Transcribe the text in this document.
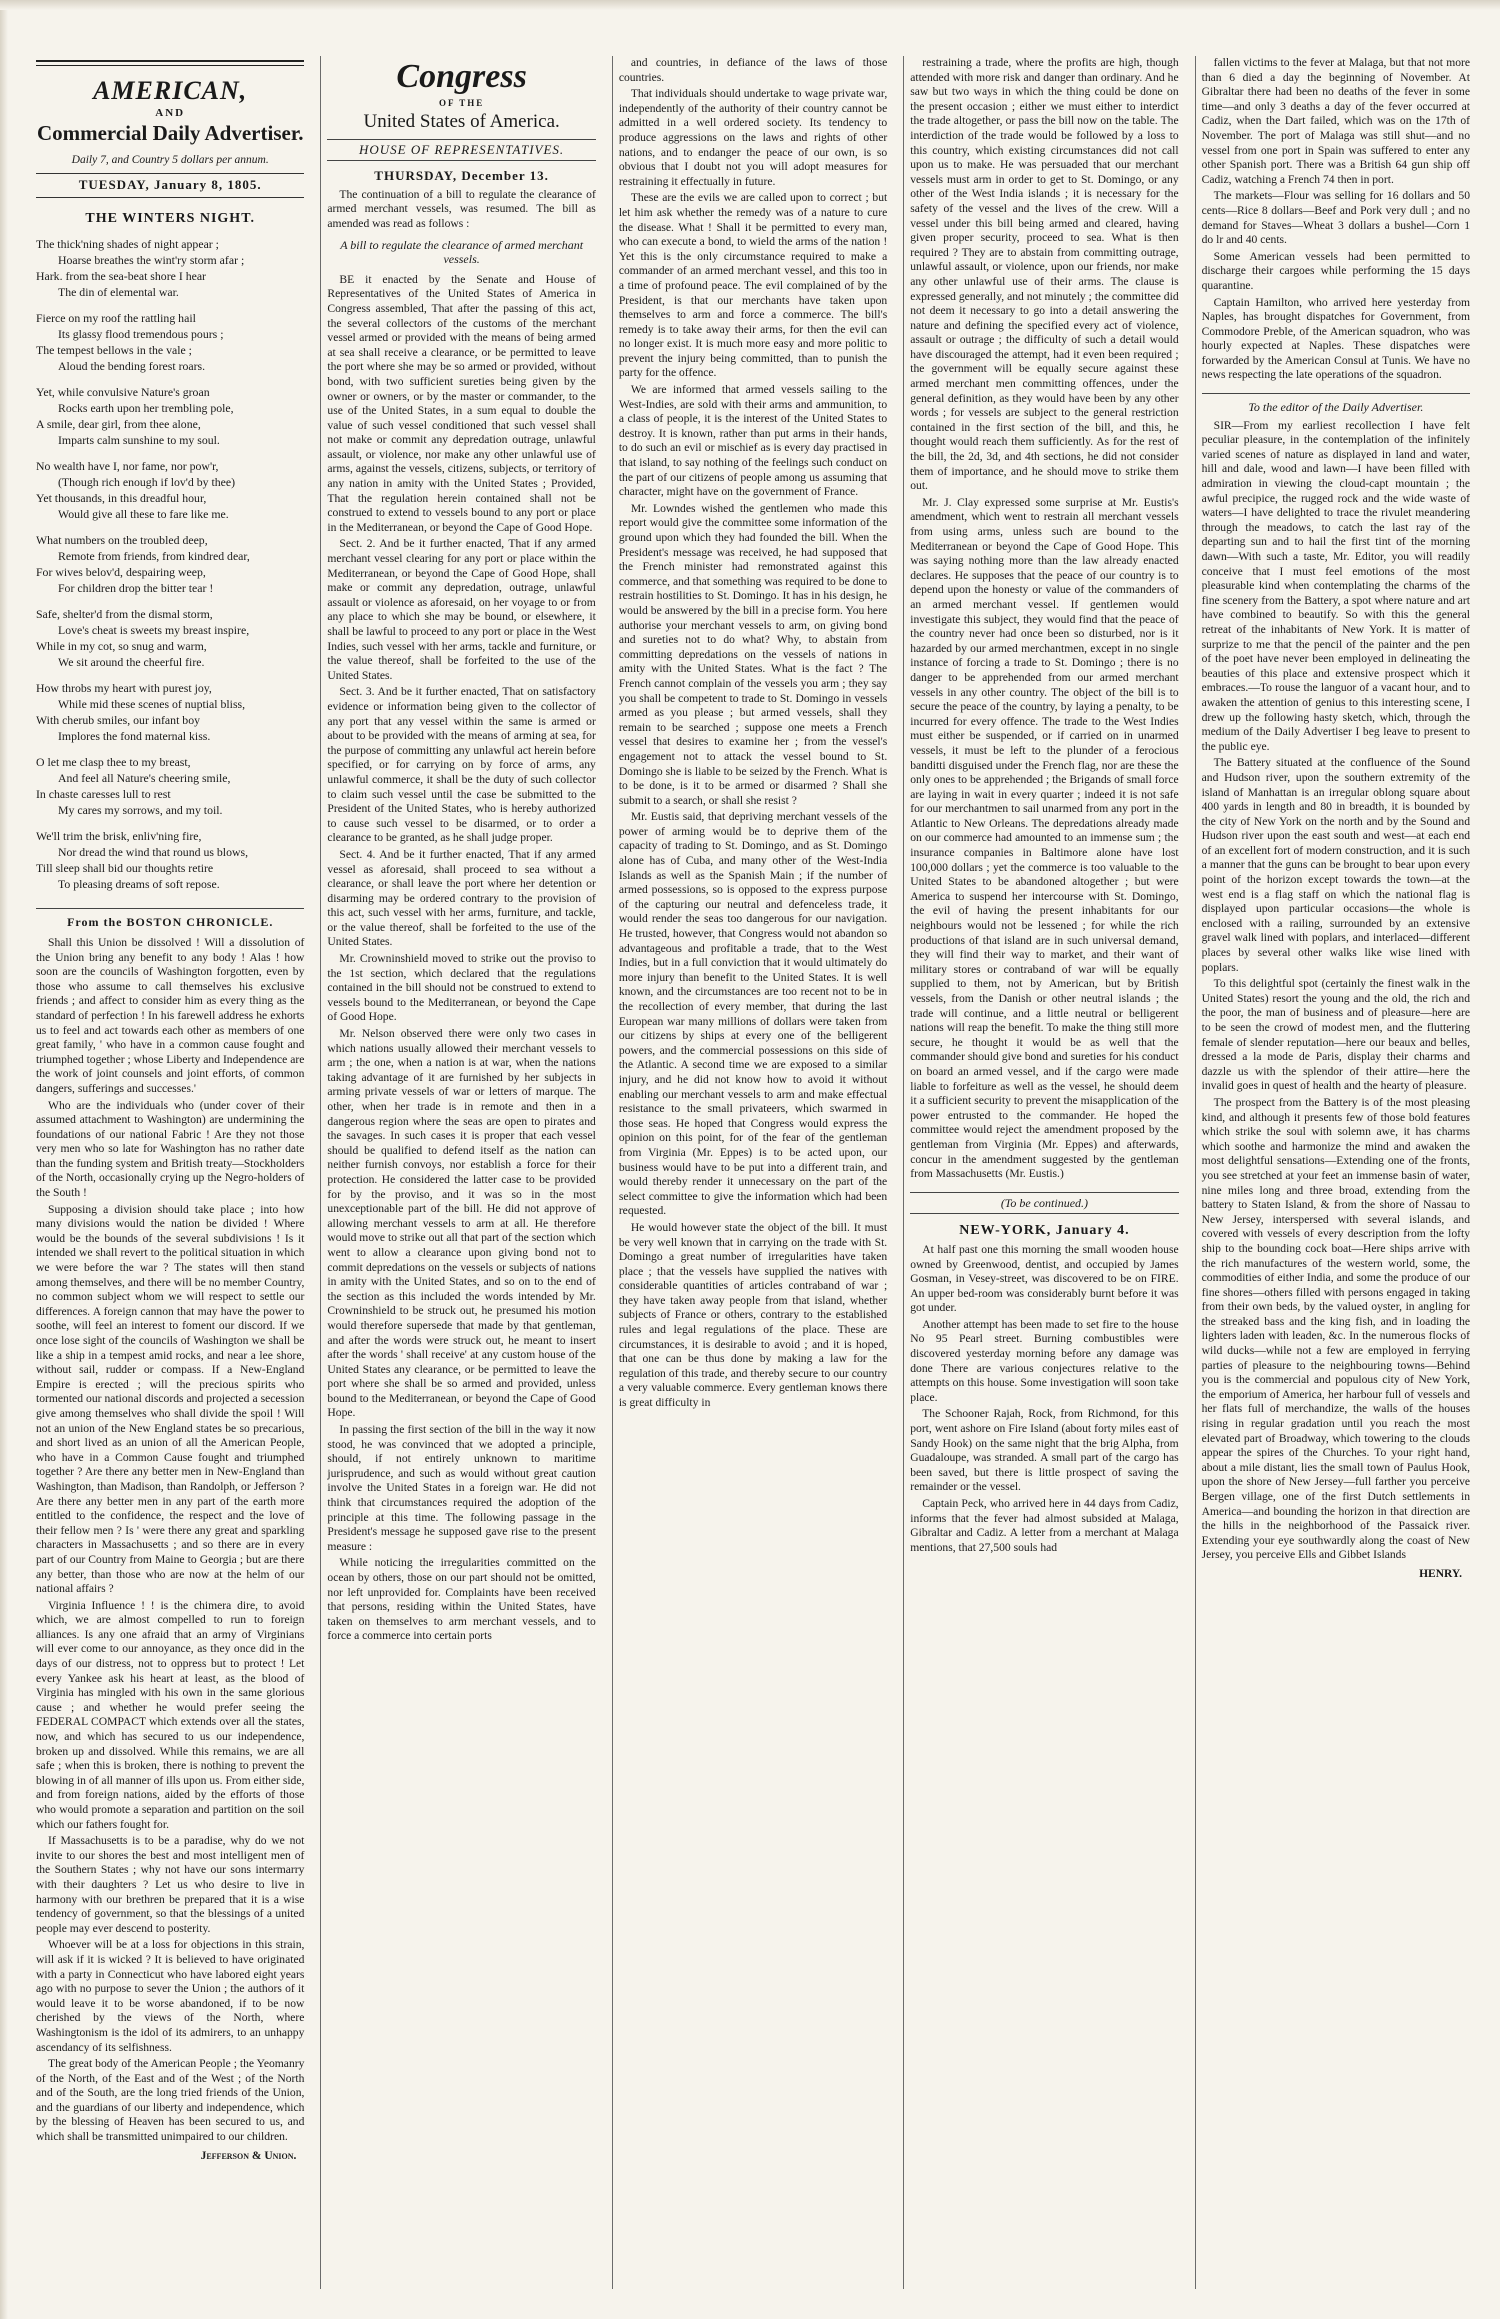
AMERICAN,
AND
Commercial Daily Advertiser.
Daily 7, and Country 5 dollars per annum.
TUESDAY, January 8, 1805.
THE WINTERS NIGHT.
The thick'ning shades of night appear ;
Hoarse breathes the wint'ry storm afar ;
Hark. from the sea-beat shore I hear
The din of elemental war.
Fierce on my roof the rattling hail
Its glassy flood tremendous pours ;
The tempest bellows in the vale ;
Aloud the bending forest roars.
Yet, while convulsive Nature's groan
Rocks earth upon her trembling pole,
A smile, dear girl, from thee alone,
Imparts calm sunshine to my soul.
No wealth have I, nor fame, nor pow'r,
(Though rich enough if lov'd by thee)
Yet thousands, in this dreadful hour,
Would give all these to fare like me.
What numbers on the troubled deep,
Remote from friends, from kindred dear,
For wives belov'd, despairing weep,
For children drop the bitter tear !
Safe, shelter'd from the dismal storm,
Love's cheat is sweets my breast inspire,
While in my cot, so snug and warm,
We sit around the cheerful fire.
How throbs my heart with purest joy,
While mid these scenes of nuptial bliss,
With cherub smiles, our infant boy
Implores the fond maternal kiss.
O let me clasp thee to my breast,
And feel all Nature's cheering smile,
In chaste caresses lull to rest
My cares my sorrows, and my toil.
We'll trim the brisk, enliv'ning fire,
Nor dread the wind that round us blows,
Till sleep shall bid our thoughts retire
To pleasing dreams of soft repose.
From the BOSTON CHRONICLE.

Shall this Union be dissolved ! Will a dissolution of the Union bring any benefit to any body ! Alas ! how soon are the councils of Washington forgotten, even by those who assume to call themselves his exclusive friends ; and affect to consider him as every thing as the standard of perfection ! In his farewell address he exhorts us to feel and act towards each other as members of one great family, ' who have in a common cause fought and triumphed together ; whose Liberty and Independence are the work of joint counsels and joint efforts, of common dangers, sufferings and successes.'

Who are the individuals who (under cover of their assumed attachment to Washington) are undermining the foundations of our national Fabric ! Are they not those very men who so late for Washington has no rather date than the funding system and British treaty—Stockholders of the North, occasionally crying up the Negro-holders of the South !

Supposing a division should take place ; into how many divisions would the nation be divided ! Where would be the bounds of the several subdivisions ! Is it intended we shall revert to the political situation in which we were before the war ? The states will then stand among themselves, and there will be no member Country, no common subject whom we will respect to settle our differences. A foreign cannon that may have the power to soothe, will feel an interest to foment our discord. If we once lose sight of the councils of Washington we shall be like a ship in a tempest amid rocks, and near a lee shore, without sail, rudder or compass. If a New-England Empire is erected ; will the precious spirits who tormented our national discords and projected a secession give among themselves who shall divide the spoil ! Will not an union of the New England states be so precarious, and short lived as an union of all the American People, who have in a Common Cause fought and triumphed together ? Are there any better men in New-England than Washington, than Madison, than Randolph, or Jefferson ? Are there any better men in any part of the earth more entitled to the confidence, the respect and the love of their fellow men ? Is ' were there any great and sparkling characters in Massachusetts ; and so there are in every part of our Country from Maine to Georgia ; but are there any better, than those who are now at the helm of our national affairs ?

Virginia Influence ! ! is the chimera dire, to avoid which, we are almost compelled to run to foreign alliances. Is any one afraid that an army of Virginians will ever come to our annoyance, as they once did in the days of our distress, not to oppress but to protect ! Let every Yankee ask his heart at least, as the blood of Virginia has mingled with his own in the same glorious cause ; and whether he would prefer seeing the FEDERAL COMPACT which extends over all the states, now, and which has secured to us our independence, broken up and dissolved. While this remains, we are all safe ; when this is broken, there is nothing to prevent the blowing in of all manner of ills upon us. From either side, and from foreign nations, aided by the efforts of those who would promote a separation and partition on the soil which our fathers fought for.

If Massachusetts is to be a paradise, why do we not invite to our shores the best and most intelligent men of the Southern States ; why not have our sons intermarry with their daughters ? Let us who desire to live in harmony with our brethren be prepared that it is a wise tendency of government, so that the blessings of a united people may ever descend to posterity.

Whoever will be at a loss for objections in this strain, will ask if it is wicked ? It is believed to have originated with a party in Connecticut who have labored eight years ago with no purpose to sever the Union ; the authors of it would leave it to be worse abandoned, if to be now cherished by the views of the North, where Washingtonism is the idol of its admirers, to an unhappy ascendancy of its selfishness.

The great body of the American People ; the Yeomanry of the North, of the East and of the West ; of the North and of the South, are the long tried friends of the Union, and the guardians of our liberty and independence, which by the blessing of Heaven has been secured to us, and which shall be transmitted unimpaired to our children.

Jefferson & Union.
Congress
OF THE
United States of America.
HOUSE OF REPRESENTATIVES.
THURSDAY, December 13.

The continuation of a bill to regulate the clearance of armed merchant vessels, was resumed. The bill as amended was read as follows :

A bill to regulate the clearance of armed merchant vessels.

BE it enacted by the Senate and House of Representatives of the United States of America in Congress assembled, That after the passing of this act, the several collectors of the customs of the merchant vessel armed or provided with the means of being armed at sea shall receive a clearance, or be permitted to leave the port where she may be so armed or provided, without bond, with two sufficient sureties being given by the owner or owners, or by the master or commander, to the use of the United States, in a sum equal to double the value of such vessel conditioned that such vessel shall not make or commit any depredation outrage, unlawful assault, or violence, nor make any other unlawful use of arms, against the vessels, citizens, subjects, or territory of any nation in amity with the United States ; Provided, That the regulation herein contained shall not be construed to extend to vessels bound to any port or place in the Mediterranean, or beyond the Cape of Good Hope.

Sect. 2. And be it further enacted, That if any armed merchant vessel clearing for any port or place within the Mediterranean, or beyond the Cape of Good Hope, shall make or commit any depredation, outrage, unlawful assault or violence as aforesaid, on her voyage to or from any place to which she may be bound, or elsewhere, it shall be lawful to proceed to any port or place in the West Indies, such vessel with her arms, tackle and furniture, or the value thereof, shall be forfeited to the use of the United States.

Sect. 3. And be it further enacted, That on satisfactory evidence or information being given to the collector of any port that any vessel within the same is armed or about to be provided with the means of arming at sea, for the purpose of committing any unlawful act herein before specified, or for carrying on by force of arms, any unlawful commerce, it shall be the duty of such collector to claim such vessel until the case be submitted to the President of the United States, who is hereby authorized to cause such vessel to be disarmed, or to order a clearance to be granted, as he shall judge proper.

Sect. 4. And be it further enacted, That if any armed vessel as aforesaid, shall proceed to sea without a clearance, or shall leave the port where her detention or disarming may be ordered contrary to the provision of this act, such vessel with her arms, furniture, and tackle, or the value thereof, shall be forfeited to the use of the United States.

Mr. Crowninshield moved to strike out the proviso to the 1st section, which declared that the regulations contained in the bill should not be construed to extend to vessels bound to the Mediterranean, or beyond the Cape of Good Hope.

Mr. Nelson observed there were only two cases in which nations usually allowed their merchant vessels to arm ; the one, when a nation is at war, when the nations taking advantage of it are furnished by her subjects in arming private vessels of war or letters of marque. The other, when her trade is in remote and then in a dangerous region where the seas are open to pirates and the savages. In such cases it is proper that each vessel should be qualified to defend itself as the nation can neither furnish convoys, nor establish a force for their protection. He considered the latter case to be provided for by the proviso, and it was so in the most unexceptionable part of the bill. He did not approve of allowing merchant vessels to arm at all. He therefore would move to strike out all that part of the section which went to allow a clearance upon giving bond not to commit depredations on the vessels or subjects of nations in amity with the United States, and so on to the end of the section as this included the words intended by Mr. Crowninshield to be struck out, he presumed his motion would therefore supersede that made by that gentleman, and after the words were struck out, he meant to insert after the words ' shall receive' at any custom house of the United States any clearance, or be permitted to leave the port where she shall be so armed and provided, unless bound to the Mediterranean, or beyond the Cape of Good Hope.

In passing the first section of the bill in the way it now stood, he was convinced that we adopted a principle, should, if not entirely unknown to maritime jurisprudence, and such as would without great caution involve the United States in a foreign war. He did not think that circumstances required the adoption of the principle at this time. The following passage in the President's message he supposed gave rise to the present measure :

While noticing the irregularities committed on the ocean by others, those on our part should not be omitted, nor left unprovided for. Complaints have been received that persons, residing within the United States, have taken on themselves to arm merchant vessels, and to force a commerce into certain ports

and countries, in defiance of the laws of those countries.

That individuals should undertake to wage private war, independently of the authority of their country cannot be admitted in a well ordered society. Its tendency to produce aggressions on the laws and rights of other nations, and to endanger the peace of our own, is so obvious that I doubt not you will adopt measures for restraining it effectually in future.

These are the evils we are called upon to correct ; but let him ask whether the remedy was of a nature to cure the disease. What ! Shall it be permitted to every man, who can execute a bond, to wield the arms of the nation ! Yet this is the only circumstance required to make a commander of an armed merchant vessel, and this too in a time of profound peace. The evil complained of by the President, is that our merchants have taken upon themselves to arm and force a commerce. The bill's remedy is to take away their arms, for then the evil can no longer exist. It is much more easy and more politic to prevent the injury being committed, than to punish the party for the offence.

We are informed that armed vessels sailing to the West-Indies, are sold with their arms and ammunition, to a class of people, it is the interest of the United States to destroy. It is known, rather than put arms in their hands, to do such an evil or mischief as is every day practised in that island, to say nothing of the feelings such conduct on the part of our citizens of people among us assuming that character, might have on the government of France.

Mr. Lowndes wished the gentlemen who made this report would give the committee some information of the ground upon which they had founded the bill. When the President's message was received, he had supposed that the French minister had remonstrated against this commerce, and that something was required to be done to restrain hostilities to St. Domingo. It has in his design, he would be answered by the bill in a precise form. You here authorise your merchant vessels to arm, on giving bond and sureties not to do what? Why, to abstain from committing depredations on the vessels of nations in amity with the United States. What is the fact ? The French cannot complain of the vessels you arm ; they say you shall be competent to trade to St. Domingo in vessels armed as you please ; but armed vessels, shall they remain to be searched ; suppose one meets a French vessel that desires to examine her ; from the vessel's engagement not to attack the vessel bound to St. Domingo she is liable to be seized by the French. What is to be done, is it to be armed or disarmed ? Shall she submit to a search, or shall she resist ?

Mr. Eustis said, that depriving merchant vessels of the power of arming would be to deprive them of the capacity of trading to St. Domingo, and as St. Domingo alone has of Cuba, and many other of the West-India Islands as well as the Spanish Main ; if the number of armed possessions, so is opposed to the express purpose of the capturing our neutral and defenceless trade, it would render the seas too dangerous for our navigation. He trusted, however, that Congress would not abandon so advantageous and profitable a trade, that to the West Indies, but in a full conviction that it would ultimately do more injury than benefit to the United States. It is well known, and the circumstances are too recent not to be in the recollection of every member, that during the last European war many millions of dollars were taken from our citizens by ships at every one of the belligerent powers, and the commercial possessions on this side of the Atlantic. A second time we are exposed to a similar injury, and he did not know how to avoid it without enabling our merchant vessels to arm and make effectual resistance to the small privateers, which swarmed in those seas. He hoped that Congress would express the opinion on this point, for of the fear of the gentleman from Virginia (Mr. Eppes) is to be acted upon, our business would have to be put into a different train, and would thereby render it unnecessary on the part of the select committee to give the information which had been requested.

He would however state the object of the bill. It must be very well known that in carrying on the trade with St. Domingo a great number of irregularities have taken place ; that the vessels have supplied the natives with considerable quantities of articles contraband of war ; they have taken away people from that island, whether subjects of France or others, contrary to the established rules and legal regulations of the place. These are circumstances, it is desirable to avoid ; and it is hoped, that one can be thus done by making a law for the regulation of this trade, and thereby secure to our country a very valuable commerce. Every gentleman knows there is great difficulty in

restraining a trade, where the profits are high, though attended with more risk and danger than ordinary. And he saw but two ways in which the thing could be done on the present occasion ; either we must either to interdict the trade altogether, or pass the bill now on the table. The interdiction of the trade would be followed by a loss to this country, which existing circumstances did not call upon us to make. He was persuaded that our merchant vessels must arm in order to get to St. Domingo, or any other of the West India islands ; it is necessary for the safety of the vessel and the lives of the crew. Will a vessel under this bill being armed and cleared, having given proper security, proceed to sea. What is then required ? They are to abstain from committing outrage, unlawful assault, or violence, upon our friends, nor make any other unlawful use of their arms. The clause is expressed generally, and not minutely ; the committee did not deem it necessary to go into a detail answering the nature and defining the specified every act of violence, assault or outrage ; the difficulty of such a detail would have discouraged the attempt, had it even been required ; the government will be equally secure against these armed merchant men committing offences, under the general definition, as they would have been by any other words ; for vessels are subject to the general restriction contained in the first section of the bill, and this, he thought would reach them sufficiently. As for the rest of the bill, the 2d, 3d, and 4th sections, he did not consider them of importance, and he should move to strike them out.

Mr. J. Clay expressed some surprise at Mr. Eustis's amendment, which went to restrain all merchant vessels from using arms, unless such are bound to the Mediterranean or beyond the Cape of Good Hope. This was saying nothing more than the law already enacted declares. He supposes that the peace of our country is to depend upon the honesty or value of the commanders of an armed merchant vessel. If gentlemen would investigate this subject, they would find that the peace of the country never had once been so disturbed, nor is it hazarded by our armed merchantmen, except in no single instance of forcing a trade to St. Domingo ; there is no danger to be apprehended from our armed merchant vessels in any other country. The object of the bill is to secure the peace of the country, by laying a penalty, to be incurred for every offence. The trade to the West Indies must either be suspended, or if carried on in unarmed vessels, it must be left to the plunder of a ferocious banditti disguised under the French flag, nor are these the only ones to be apprehended ; the Brigands of small force are laying in wait in every quarter ; indeed it is not safe for our merchantmen to sail unarmed from any port in the Atlantic to New Orleans. The depredations already made on our commerce had amounted to an immense sum ; the insurance companies in Baltimore alone have lost 100,000 dollars ; yet the commerce is too valuable to the United States to be abandoned altogether ; but were America to suspend her intercourse with St. Domingo, the evil of having the present inhabitants for our neighbours would not be lessened ; for while the rich productions of that island are in such universal demand, they will find their way to market, and their want of military stores or contraband of war will be equally supplied to them, not by American, but by British vessels, from the Danish or other neutral islands ; the trade will continue, and a little neutral or belligerent nations will reap the benefit. To make the thing still more secure, he thought it would be as well that the commander should give bond and sureties for his conduct on board an armed vessel, and if the cargo were made liable to forfeiture as well as the vessel, he should deem it a sufficient security to prevent the misapplication of the power entrusted to the commander. He hoped the committee would reject the amendment proposed by the gentleman from Virginia (Mr. Eppes) and afterwards, concur in the amendment suggested by the gentleman from Massachusetts (Mr. Eustis.)

(To be continued.)
NEW-YORK, January 4.

At half past one this morning the small wooden house owned by Greenwood, dentist, and occupied by James Gosman, in Vesey-street, was discovered to be on FIRE. An upper bed-room was considerably burnt before it was got under.

Another attempt has been made to set fire to the house No 95 Pearl street. Burning combustibles were discovered yesterday morning before any damage was done There are various conjectures relative to the attempts on this house. Some investigation will soon take place.

The Schooner Rajah, Rock, from Richmond, for this port, went ashore on Fire Island (about forty miles east of Sandy Hook) on the same night that the brig Alpha, from Guadaloupe, was stranded. A small part of the cargo has been saved, but there is little prospect of saving the remainder or the vessel.

Captain Peck, who arrived here in 44 days from Cadiz, informs that the fever had almost subsided at Malaga, Gibraltar and Cadiz. A letter from a merchant at Malaga mentions, that 27,500 souls had

fallen victims to the fever at Malaga, but that not more than 6 died a day the beginning of November. At Gibraltar there had been no deaths of the fever in some time—and only 3 deaths a day of the fever occurred at Cadiz, when the Dart failed, which was on the 17th of November. The port of Malaga was still shut—and no vessel from one port in Spain was suffered to enter any other Spanish port. There was a British 64 gun ship off Cadiz, watching a French 74 then in port.

The markets—Flour was selling for 16 dollars and 50 cents—Rice 8 dollars—Beef and Pork very dull ; and no demand for Staves—Wheat 3 dollars a bushel—Corn 1 do lr and 40 cents.

Some American vessels had been permitted to discharge their cargoes while performing the 15 days quarantine.

Captain Hamilton, who arrived here yesterday from Naples, has brought dispatches for Government, from Commodore Preble, of the American squadron, who was hourly expected at Naples. These dispatches were forwarded by the American Consul at Tunis. We have no news respecting the late operations of the squadron.

To the editor of the Daily Advertiser.

SIR—From my earliest recollection I have felt peculiar pleasure, in the contemplation of the infinitely varied scenes of nature as displayed in land and water, hill and dale, wood and lawn—I have been filled with admiration in viewing the cloud-capt mountain ; the awful precipice, the rugged rock and the wide waste of waters—I have delighted to trace the rivulet meandering through the meadows, to catch the last ray of the departing sun and to hail the first tint of the morning dawn—With such a taste, Mr. Editor, you will readily conceive that I must feel emotions of the most pleasurable kind when contemplating the charms of the fine scenery from the Battery, a spot where nature and art have combined to beautify. So with this the general retreat of the inhabitants of New York. It is matter of surprize to me that the pencil of the painter and the pen of the poet have never been employed in delineating the beauties of this place and extensive prospect which it embraces.—To rouse the languor of a vacant hour, and to awaken the attention of genius to this interesting scene, I drew up the following hasty sketch, which, through the medium of the Daily Advertiser I beg leave to present to the public eye.

The Battery situated at the confluence of the Sound and Hudson river, upon the southern extremity of the island of Manhattan is an irregular oblong square about 400 yards in length and 80 in breadth, it is bounded by the city of New York on the north and by the Sound and Hudson river upon the east south and west—at each end of an excellent fort of modern construction, and it is such a manner that the guns can be brought to bear upon every point of the horizon except towards the town—at the west end is a flag staff on which the national flag is displayed upon particular occasions—the whole is enclosed with a railing, surrounded by an extensive gravel walk lined with poplars, and interlaced—different places by several other walks like wise lined with poplars.

To this delightful spot (certainly the finest walk in the United States) resort the young and the old, the rich and the poor, the man of business and of pleasure—here are to be seen the crowd of modest men, and the fluttering female of slender reputation—here our beaux and belles, dressed a la mode de Paris, display their charms and dazzle us with the splendor of their attire—here the invalid goes in quest of health and the hearty of pleasure.

The prospect from the Battery is of the most pleasing kind, and although it presents few of those bold features which strike the soul with solemn awe, it has charms which soothe and harmonize the mind and awaken the most delightful sensations—Extending one of the fronts, you see stretched at your feet an immense basin of water, nine miles long and three broad, extending from the battery to Staten Island, & from the shore of Nassau to New Jersey, interspersed with several islands, and covered with vessels of every description from the lofty ship to the bounding cock boat—Here ships arrive with the rich manufactures of the western world, some, the commodities of either India, and some the produce of our fine shores—others filled with persons engaged in taking from their own beds, by the valued oyster, in angling for the streaked bass and the king fish, and in loading the lighters laden with leaden, &c. In the numerous flocks of wild ducks—while not a few are employed in ferrying parties of pleasure to the neighbouring towns—Behind you is the commercial and populous city of New York, the emporium of America, her harbour full of vessels and her flats full of merchandize, the walls of the houses rising in regular gradation until you reach the most elevated part of Broadway, which towering to the clouds appear the spires of the Churches. To your right hand, about a mile distant, lies the small town of Paulus Hook, upon the shore of New Jersey—full farther you perceive Bergen village, one of the first Dutch settlements in America—and bounding the horizon in that direction are the hills in the neighborhood of the Passaick river. Extending your eye southwardly along the coast of New Jersey, you perceive Ells and Gibbet Islands

HENRY.
